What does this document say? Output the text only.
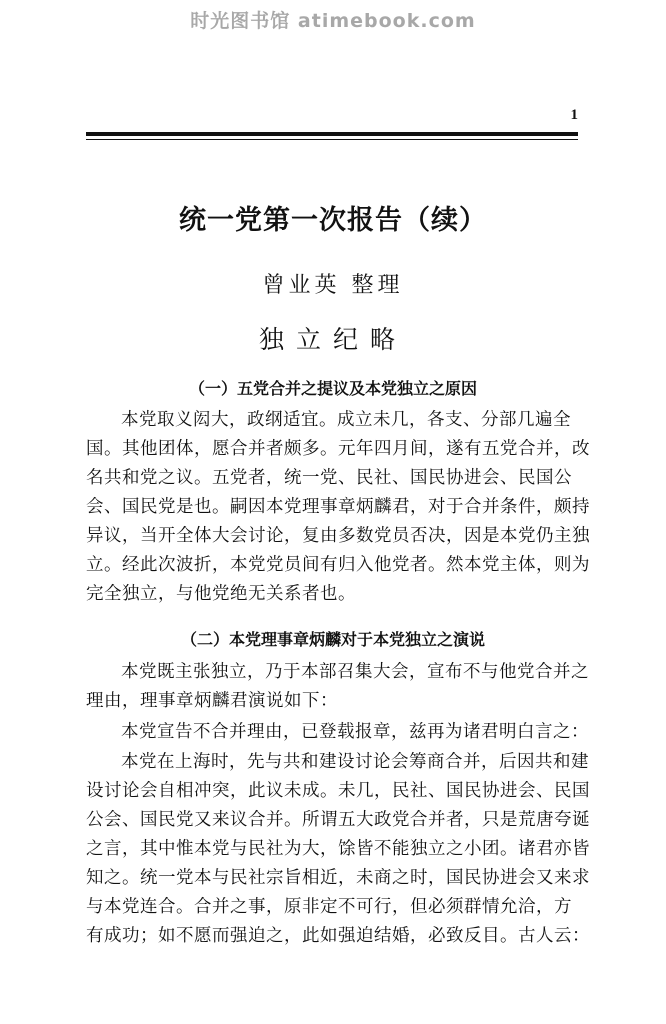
时光图书馆 atimebook.com
1
统一党第一次报告（续）
曾业英 整理
独立纪略
（一）五党合并之提议及本党独立之原因

本党取义闳大，政纲适宜。成立未几，各支、分部几遍全
国。其他团体，愿合并者颇多。元年四月间，遂有五党合并，改
名共和党之议。五党者，统一党、民社、国民协进会、民国公
会、国民党是也。嗣因本党理事章炳麟君，对于合并条件，颇持
异议，当开全体大会讨论，复由多数党员否决，因是本党仍主独
立。经此次波折，本党党员间有归入他党者。然本党主体，则为
完全独立，与他党绝无关系者也。

（二）本党理事章炳麟对于本党独立之演说

本党既主张独立，乃于本部召集大会，宣布不与他党合并之
理由，理事章炳麟君演说如下：

本党宣告不合并理由，已登载报章，兹再为诸君明白言之：

本党在上海时，先与共和建设讨论会筹商合并，后因共和建
设讨论会自相冲突，此议未成。未几，民社、国民协进会、民国
公会、国民党又来议合并。所谓五大政党合并者，只是荒唐夸诞
之言，其中惟本党与民社为大，馀皆不能独立之小团。诸君亦皆
知之。统一党本与民社宗旨相近，未商之时，国民协进会又来求
与本党连合。合并之事，原非定不可行，但必须群情允洽，方
有成功；如不愿而强迫之，此如强迫结婚，必致反目。古人云：
